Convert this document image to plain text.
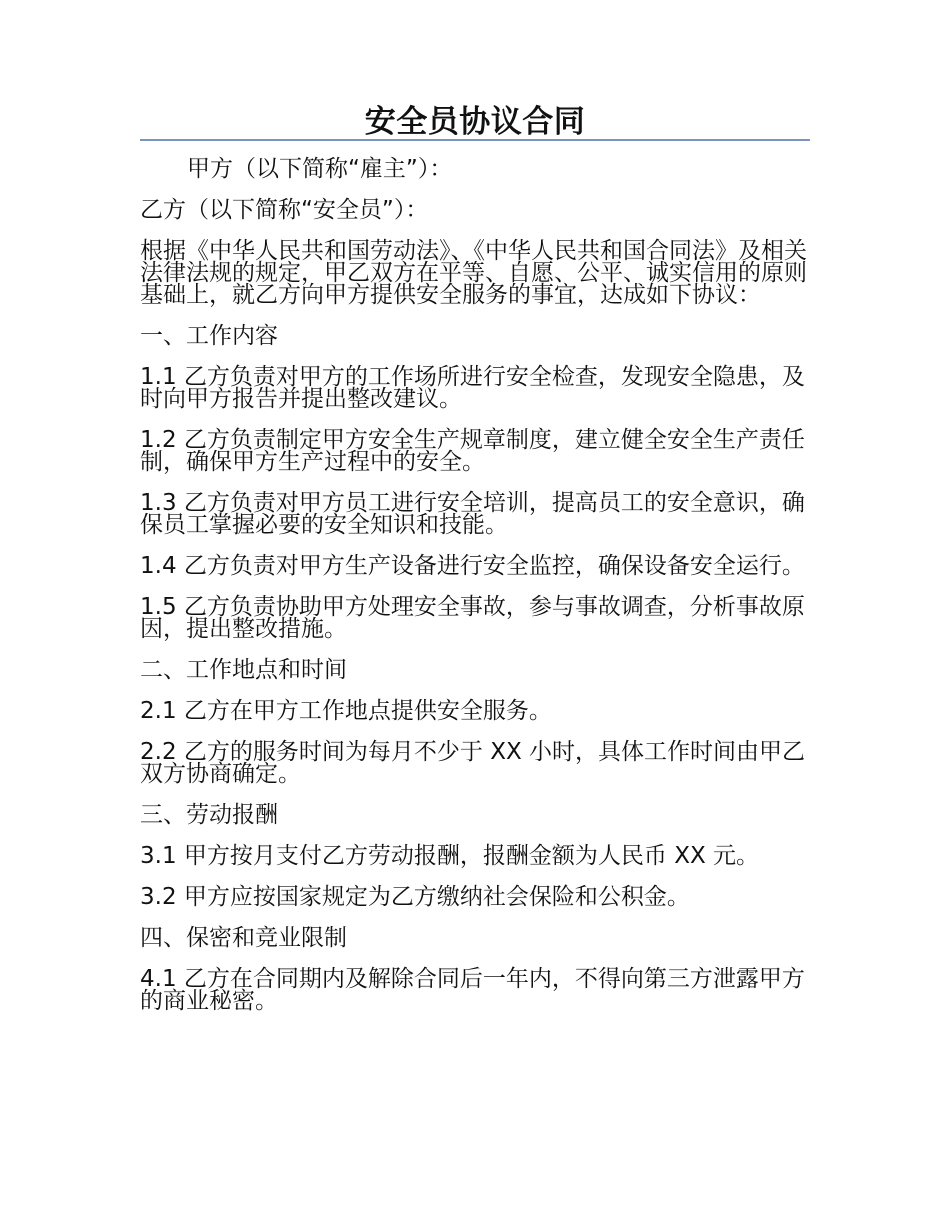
安全员协议合同

甲方（以下简称“雇主”）：

乙方（以下简称“安全员”）：

根据《中华人民共和国劳动法》、《中华人民共和国合同法》及相关法律法规的规定，甲乙双方在平等、自愿、公平、诚实信用的原则基础上，就乙方向甲方提供安全服务的事宜，达成如下协议：

一、工作内容

1.1 乙方负责对甲方的工作场所进行安全检查，发现安全隐患，及时向甲方报告并提出整改建议。

1.2 乙方负责制定甲方安全生产规章制度，建立健全安全生产责任制，确保甲方生产过程中的安全。

1.3 乙方负责对甲方员工进行安全培训，提高员工的安全意识，确保员工掌握必要的安全知识和技能。

1.4 乙方负责对甲方生产设备进行安全监控，确保设备安全运行。

1.5 乙方负责协助甲方处理安全事故，参与事故调查，分析事故原因，提出整改措施。

二、工作地点和时间

2.1 乙方在甲方工作地点提供安全服务。

2.2 乙方的服务时间为每月不少于 XX 小时，具体工作时间由甲乙双方协商确定。

三、劳动报酬

3.1 甲方按月支付乙方劳动报酬，报酬金额为人民币 XX 元。

3.2 甲方应按国家规定为乙方缴纳社会保险和公积金。

四、保密和竞业限制

4.1 乙方在合同期内及解除合同后一年内，不得向第三方泄露甲方的商业秘密。
